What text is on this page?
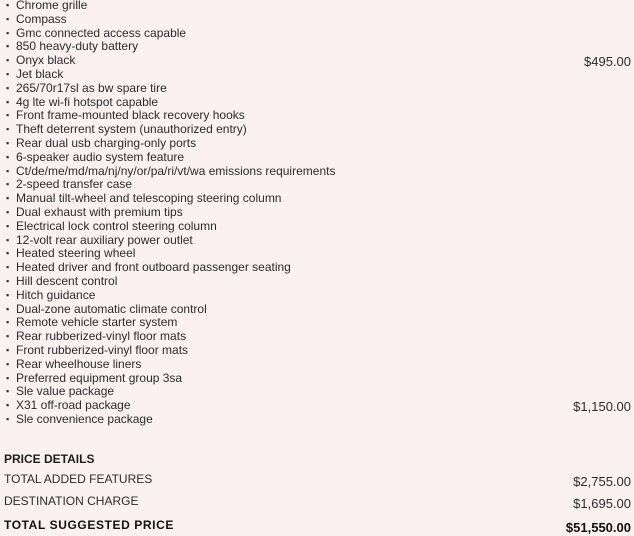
▪ Chrome grille
▪ Compass
▪ Gmc connected access capable
▪ 850 heavy-duty battery
▪ Onyx black	$495.00
▪ Jet black
▪ 265/70r17sl as bw spare tire
▪ 4g lte wi-fi hotspot capable
▪ Front frame-mounted black recovery hooks
▪ Theft deterrent system (unauthorized entry)
▪ Rear dual usb charging-only ports
▪ 6-speaker audio system feature
▪ Ct/de/me/md/ma/nj/ny/or/pa/ri/vt/wa emissions requirements
▪ 2-speed transfer case
▪ Manual tilt-wheel and telescoping steering column
▪ Dual exhaust with premium tips
▪ Electrical lock control steering column
▪ 12-volt rear auxiliary power outlet
▪ Heated steering wheel
▪ Heated driver and front outboard passenger seating
▪ Hill descent control
▪ Hitch guidance
▪ Dual-zone automatic climate control
▪ Remote vehicle starter system
▪ Rear rubberized-vinyl floor mats
▪ Front rubberized-vinyl floor mats
▪ Rear wheelhouse liners
▪ Preferred equipment group 3sa
▪ Sle value package
▪ X31 off-road package	$1,150.00
▪ Sle convenience package
PRICE DETAILS
TOTAL ADDED FEATURES	$2,755.00
DESTINATION CHARGE	$1,695.00
TOTAL SUGGESTED PRICE	$51,550.00
